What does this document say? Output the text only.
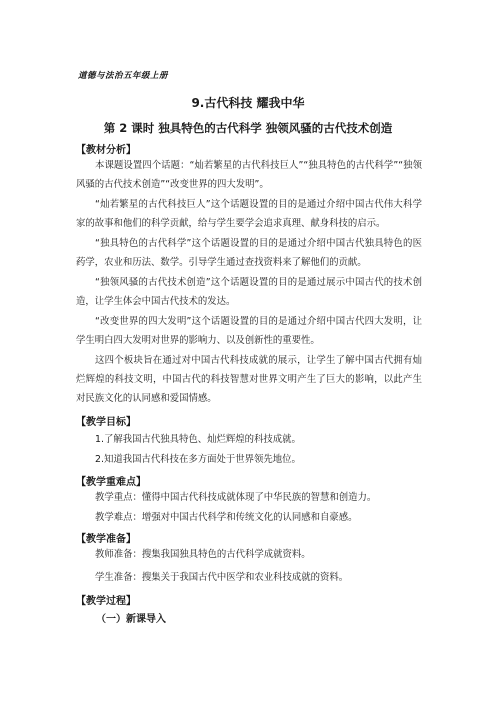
道德与法治五年级上册
9.古代科技 耀我中华
第 2 课时 独具特色的古代科学 独领风骚的古代技术创造
【教材分析】
本课题设置四个话题：“灿若繁星的古代科技巨人”“独具特色的古代科学”“独领风骚的古代技术创造”“改变世界的四大发明”。
“灿若繁星的古代科技巨人”这个话题设置的目的是通过介绍中国古代伟大科学家的故事和他们的科学贡献，给与学生要学会追求真理、献身科技的启示。
“独具特色的古代科学”这个话题设置的目的是通过介绍中国古代独具特色的医药学，农业和历法、数学。引导学生通过查找资料来了解他们的贡献。
“独领风骚的古代技术创造”这个话题设置的目的是通过展示中国古代的技术创造，让学生体会中国古代技术的发达。
“改变世界的四大发明”这个话题设置的目的是通过介绍中国古代四大发明，让学生明白四大发明对世界的影响力、以及创新性的重要性。
这四个板块旨在通过对中国古代科技成就的展示，让学生了解中国古代拥有灿烂辉煌的科技文明，中国古代的科技智慧对世界文明产生了巨大的影响，以此产生对民族文化的认同感和爱国情感。
【教学目标】
1.了解我国古代独具特色、灿烂辉煌的科技成就。
2.知道我国古代科技在多方面处于世界领先地位。
【教学重难点】
教学重点：懂得中国古代科技成就体现了中华民族的智慧和创造力。
教学难点：增强对中国古代科学和传统文化的认同感和自豪感。
【教学准备】
教师准备：搜集我国独具特色的古代科学成就资料。
学生准备：搜集关于我国古代中医学和农业科技成就的资料。
【教学过程】
（一）新课导入
